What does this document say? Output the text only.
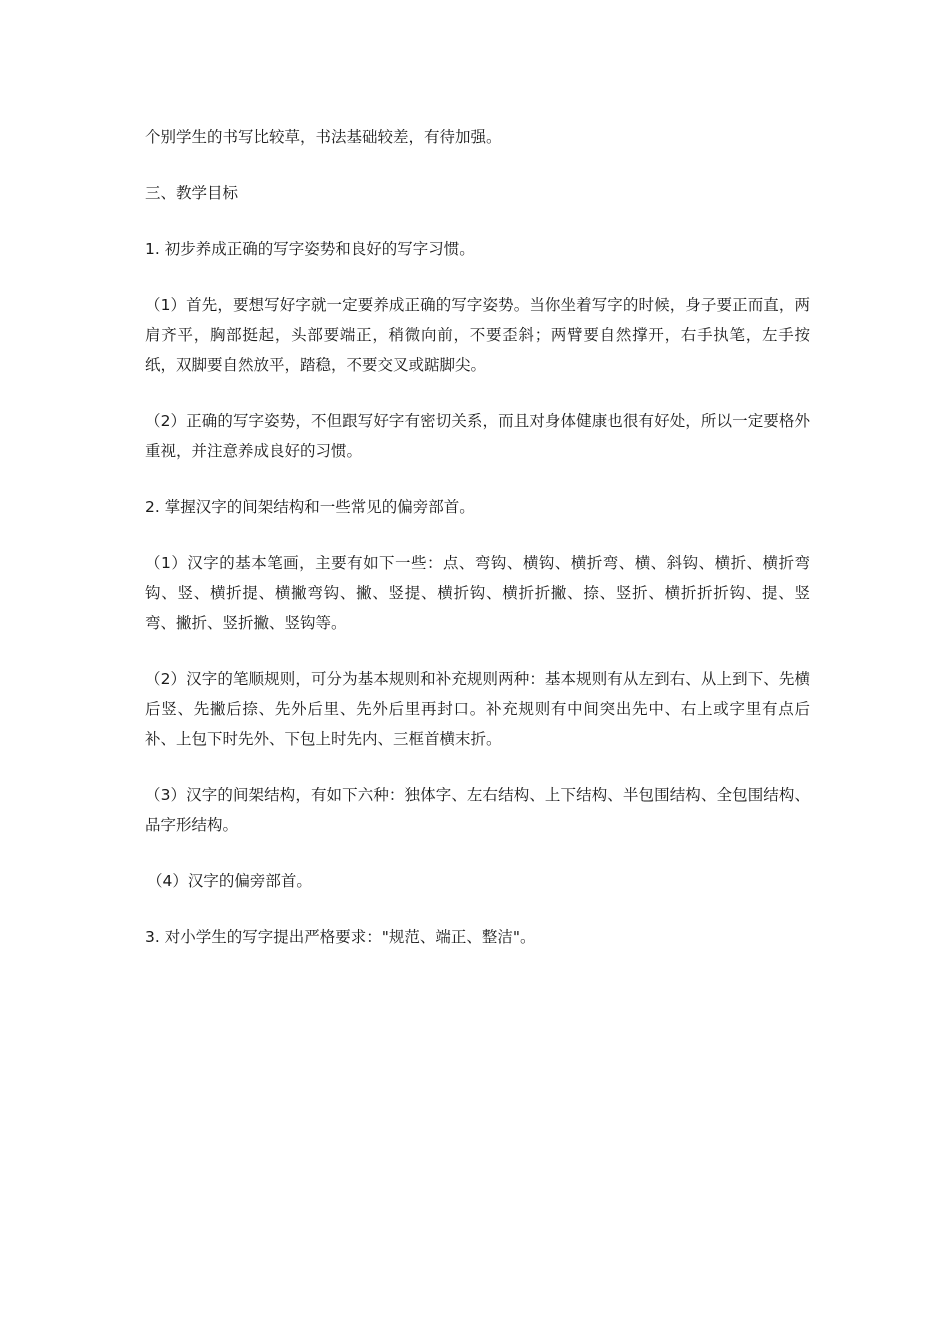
个别学生的书写比较草，书法基础较差，有待加强。

三、教学目标

1. 初步养成正确的写字姿势和良好的写字习惯。

（1）首先，要想写好字就一定要养成正确的写字姿势。当你坐着写字的时候，身子要正而直，两肩齐平，胸部挺起，头部要端正，稍微向前，不要歪斜；两臂要自然撑开，右手执笔，左手按纸，双脚要自然放平，踏稳，不要交叉或踮脚尖。

（2）正确的写字姿势，不但跟写好字有密切关系，而且对身体健康也很有好处，所以一定要格外重视，并注意养成良好的习惯。

2. 掌握汉字的间架结构和一些常见的偏旁部首。

（1）汉字的基本笔画，主要有如下一些：点、弯钩、横钩、横折弯、横、斜钩、横折、横折弯钩、竖、横折提、横撇弯钩、撇、竖提、横折钩、横折折撇、捺、竖折、横折折折钩、提、竖弯、撇折、竖折撇、竖钩等。

（2）汉字的笔顺规则，可分为基本规则和补充规则两种：基本规则有从左到右、从上到下、先横后竖、先撇后捺、先外后里、先外后里再封口。补充规则有中间突出先中、右上或字里有点后补、上包下时先外、下包上时先内、三框首横末折。

（3）汉字的间架结构，有如下六种：独体字、左右结构、上下结构、半包围结构、全包围结构、品字形结构。

（4）汉字的偏旁部首。

3. 对小学生的写字提出严格要求："规范、端正、整洁"。
